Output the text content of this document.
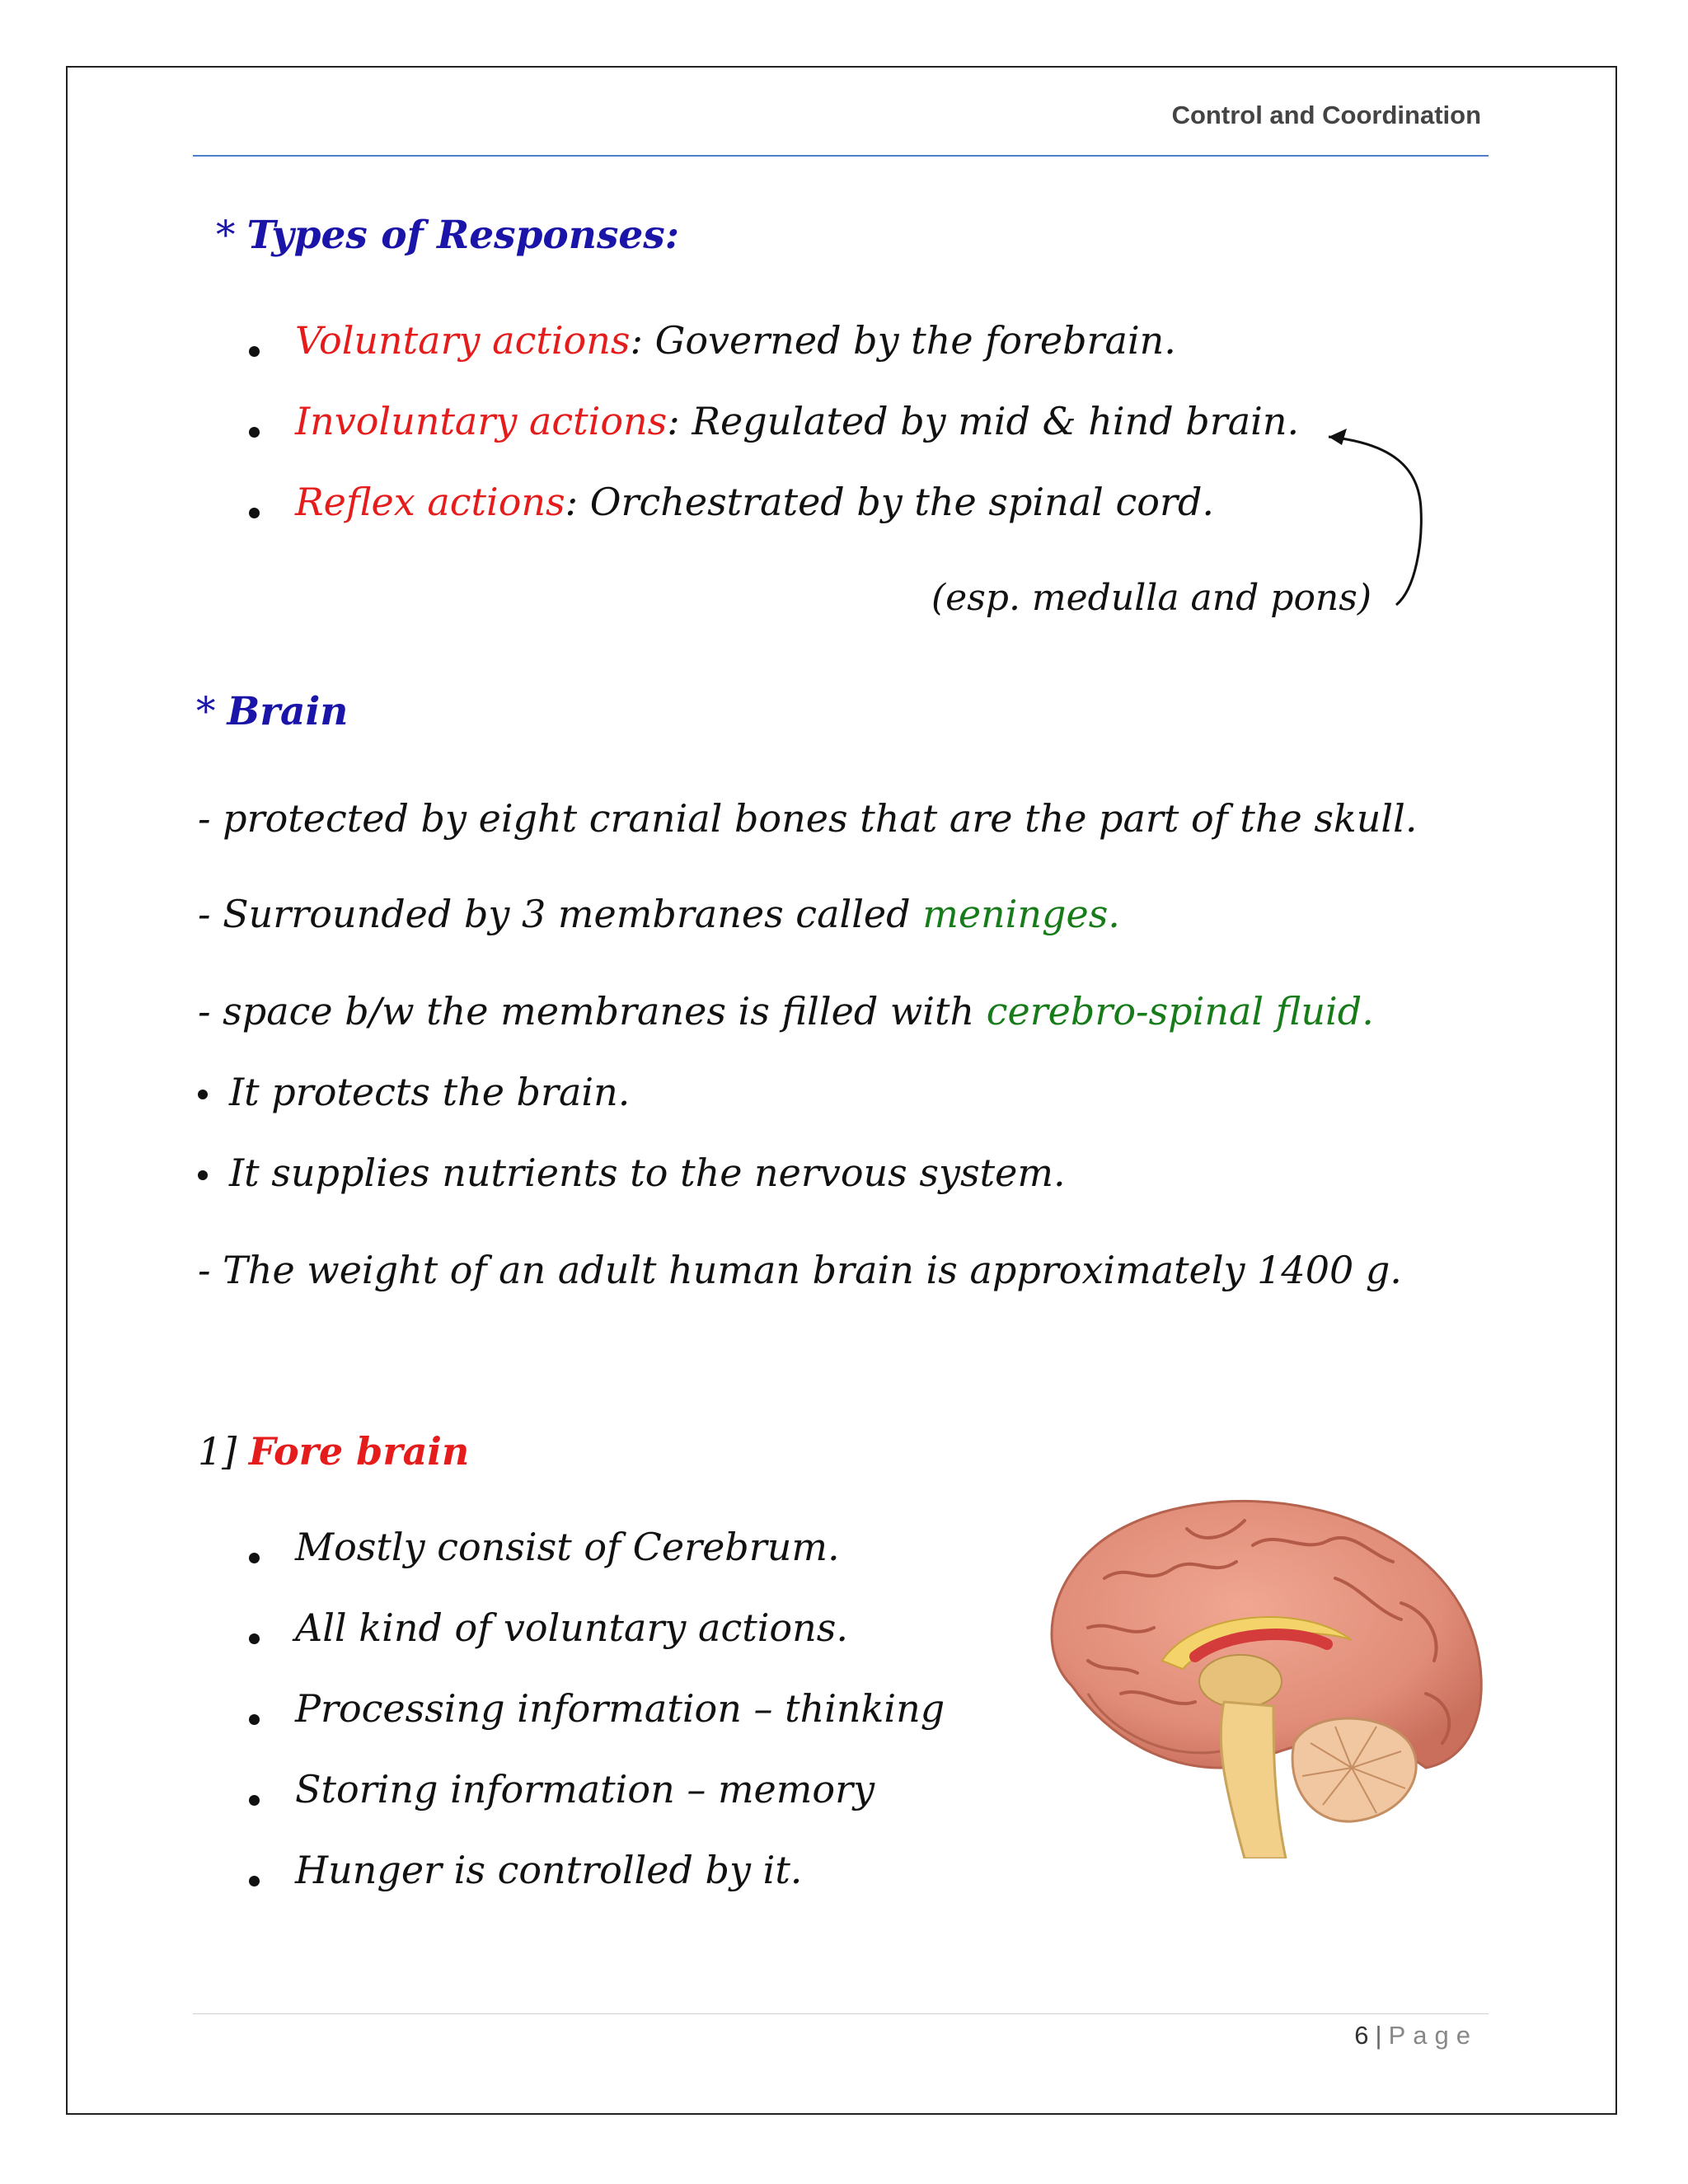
Control and Coordination
* Types of Responses:
Voluntary actions: Governed by the forebrain.
Involuntary actions: Regulated by mid & hind brain.
Reflex actions: Orchestrated by the spinal cord.
(esp. medulla and pons)
* Brain
- protected by eight cranial bones that are the part of the skull.
- Surrounded by 3 membranes called meninges.
- space b/w the membranes is filled with cerebro-spinal fluid.
It protects the brain.
It supplies nutrients to the nervous system.
- The weight of an adult human brain is approximately 1400 g.
1] Fore brain
Mostly consist of Cerebrum.
All kind of voluntary actions.
Processing information – thinking
Storing information – memory
Hunger is controlled by it.
6 | Page
